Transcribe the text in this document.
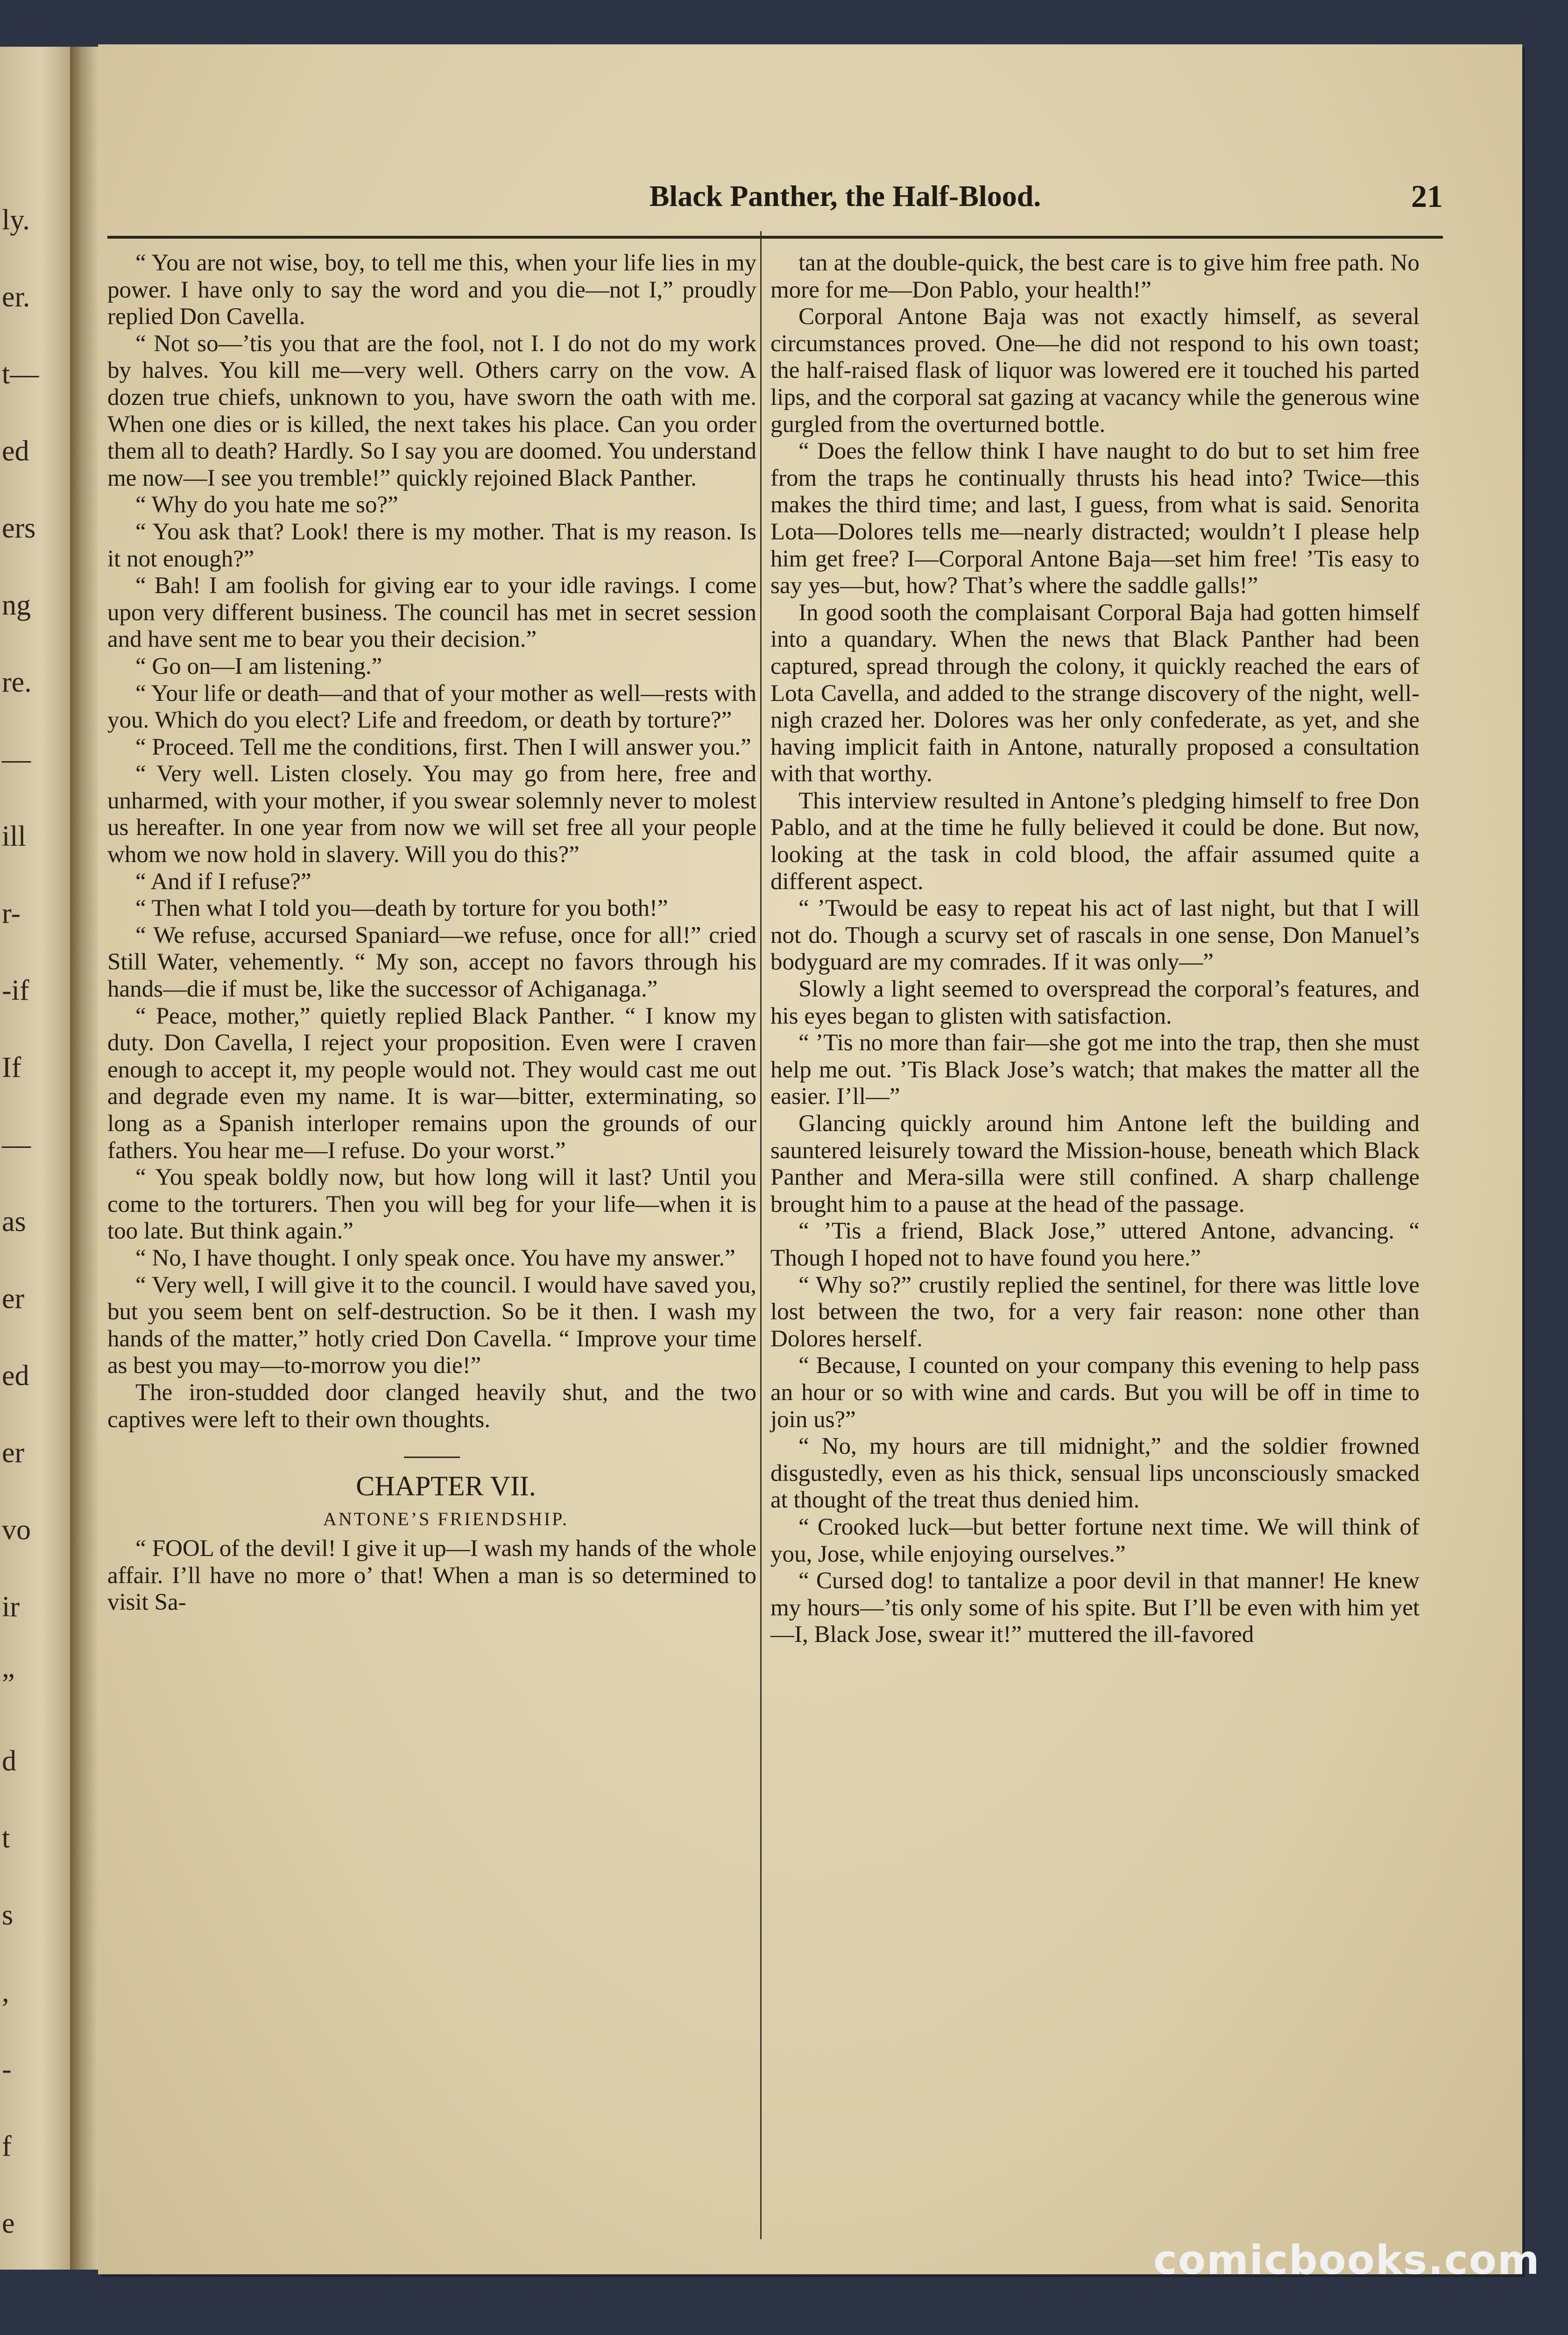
ly.
er.
t—
ed
ers
ng
re.
—
ill
r-
-if
If
—
as
er
ed
er
vo
ir
”
d
t
s
,
-
f
e
Black Panther, the Half-Blood.	21

“ You are not wise, boy, to tell me this, when your life lies in my power. I have only to say the word and you die—not I,” proudly replied Don Cavella.

“ Not so—’tis you that are the fool, not I. I do not do my work by halves. You kill me—very well. Others carry on the vow. A dozen true chiefs, unknown to you, have sworn the oath with me. When one dies or is killed, the next takes his place. Can you order them all to death? Hardly. So I say you are doomed. You understand me now—I see you tremble!” quickly rejoined Black Panther.

“ Why do you hate me so?”

“ You ask that? Look! there is my mother. That is my reason. Is it not enough?”

“ Bah! I am foolish for giving ear to your idle ravings. I come upon very different business. The council has met in secret session and have sent me to bear you their decision.”

“ Go on—I am listening.”

“ Your life or death—and that of your mother as well—rests with you. Which do you elect? Life and freedom, or death by torture?”

“ Proceed. Tell me the conditions, first. Then I will answer you.”

“ Very well. Listen closely. You may go from here, free and unharmed, with your mother, if you swear solemnly never to molest us hereafter. In one year from now we will set free all your people whom we now hold in slavery. Will you do this?”

“ And if I refuse?”

“ Then what I told you—death by torture for you both!”

“ We refuse, accursed Spaniard—we refuse, once for all!” cried Still Water, vehemently. “ My son, accept no favors through his hands—die if must be, like the successor of Achiganaga.”

“ Peace, mother,” quietly replied Black Panther. “ I know my duty. Don Cavella, I reject your proposition. Even were I craven enough to accept it, my people would not. They would cast me out and degrade even my name. It is war—bitter, exterminating, so long as a Spanish interloper remains upon the grounds of our fathers. You hear me—I refuse. Do your worst.”

“ You speak boldly now, but how long will it last? Until you come to the torturers. Then you will beg for your life—when it is too late. But think again.”

“ No, I have thought. I only speak once. You have my answer.”

“ Very well, I will give it to the council. I would have saved you, but you seem bent on self-destruction. So be it then. I wash my hands of the matter,” hotly cried Don Cavella. “ Improve your time as best you may—to-morrow you die!”

The iron-studded door clanged heavily shut, and the two captives were left to their own thoughts.

CHAPTER VII.

ANTONE’S FRIENDSHIP.

“ FOOL of the devil! I give it up—I wash my hands of the whole affair. I’ll have no more o’ that! When a man is so determined to visit Sa-

tan at the double-quick, the best care is to give him free path. No more for me—Don Pablo, your health!”

Corporal Antone Baja was not exactly himself, as several circumstances proved. One—he did not respond to his own toast; the half-raised flask of liquor was lowered ere it touched his parted lips, and the corporal sat gazing at vacancy while the generous wine gurgled from the overturned bottle.

“ Does the fellow think I have naught to do but to set him free from the traps he continually thrusts his head into? Twice—this makes the third time; and last, I guess, from what is said. Senorita Lota—Dolores tells me—nearly distracted; wouldn’t I please help him get free? I—Corporal Antone Baja—set him free! ’Tis easy to say yes—but, how? That’s where the saddle galls!”

In good sooth the complaisant Corporal Baja had gotten himself into a quandary. When the news that Black Panther had been captured, spread through the colony, it quickly reached the ears of Lota Cavella, and added to the strange discovery of the night, well-nigh crazed her. Dolores was her only confederate, as yet, and she having implicit faith in Antone, naturally proposed a consultation with that worthy.

This interview resulted in Antone’s pledging himself to free Don Pablo, and at the time he fully believed it could be done. But now, looking at the task in cold blood, the affair assumed quite a different aspect.

“ ’Twould be easy to repeat his act of last night, but that I will not do. Though a scurvy set of rascals in one sense, Don Manuel’s bodyguard are my comrades. If it was only—”

Slowly a light seemed to overspread the corporal’s features, and his eyes began to glisten with satisfaction.

“ ’Tis no more than fair—she got me into the trap, then she must help me out. ’Tis Black Jose’s watch; that makes the matter all the easier. I’ll—”

Glancing quickly around him Antone left the building and sauntered leisurely toward the Mission-house, beneath which Black Panther and Mera-silla were still confined. A sharp challenge brought him to a pause at the head of the passage.

“ ’Tis a friend, Black Jose,” uttered Antone, advancing. “ Though I hoped not to have found you here.”

“ Why so?” crustily replied the sentinel, for there was little love lost between the two, for a very fair reason: none other than Dolores herself.

“ Because, I counted on your company this evening to help pass an hour or so with wine and cards. But you will be off in time to join us?”

“ No, my hours are till midnight,” and the soldier frowned disgustedly, even as his thick, sensual lips unconsciously smacked at thought of the treat thus denied him.

“ Crooked luck—but better fortune next time. We will think of you, Jose, while enjoying ourselves.”

“ Cursed dog! to tantalize a poor devil in that manner! He knew my hours—’tis only some of his spite. But I’ll be even with him yet—I, Black Jose, swear it!” muttered the ill-favored

comicbooks.com
